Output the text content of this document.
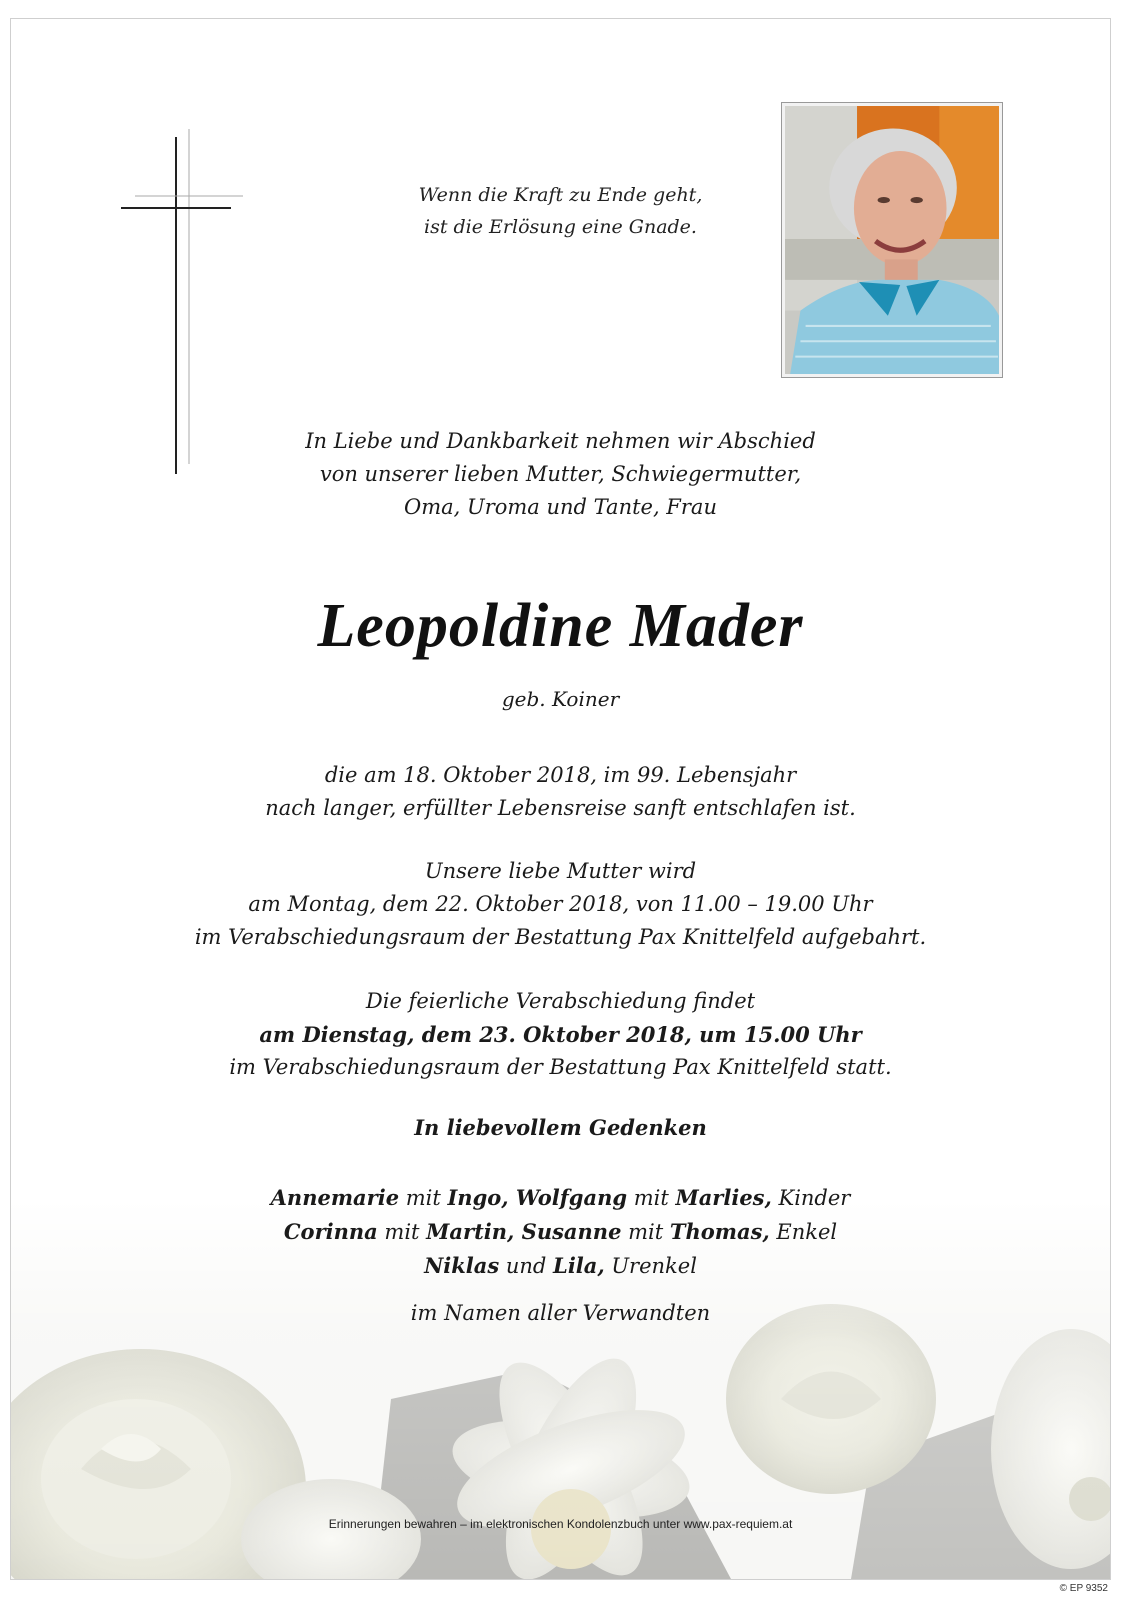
Wenn die Kraft zu Ende geht,
ist die Erlösung eine Gnade.
In Liebe und Dankbarkeit nehmen wir Abschied
von unserer lieben Mutter, Schwiegermutter,
Oma, Uroma und Tante, Frau
Leopoldine Mader
geb. Koiner
die am 18. Oktober 2018, im 99. Lebensjahr
nach langer, erfüllter Lebensreise sanft entschlafen ist.
Unsere liebe Mutter wird
am Montag, dem 22. Oktober 2018, von 11.00 – 19.00 Uhr
im Verabschiedungsraum der Bestattung Pax Knittelfeld aufgebahrt.
Die feierliche Verabschiedung findet
am Dienstag, dem 23. Oktober 2018, um 15.00 Uhr
im Verabschiedungsraum der Bestattung Pax Knittelfeld statt.
In liebevollem Gedenken
Annemarie mit Ingo, Wolfgang mit Marlies, Kinder
Corinna mit Martin, Susanne mit Thomas, Enkel
Niklas und Lila, Urenkel
im Namen aller Verwandten
Erinnerungen bewahren – im elektronischen Kondolenzbuch unter www.pax-requiem.at
© EP 9352
